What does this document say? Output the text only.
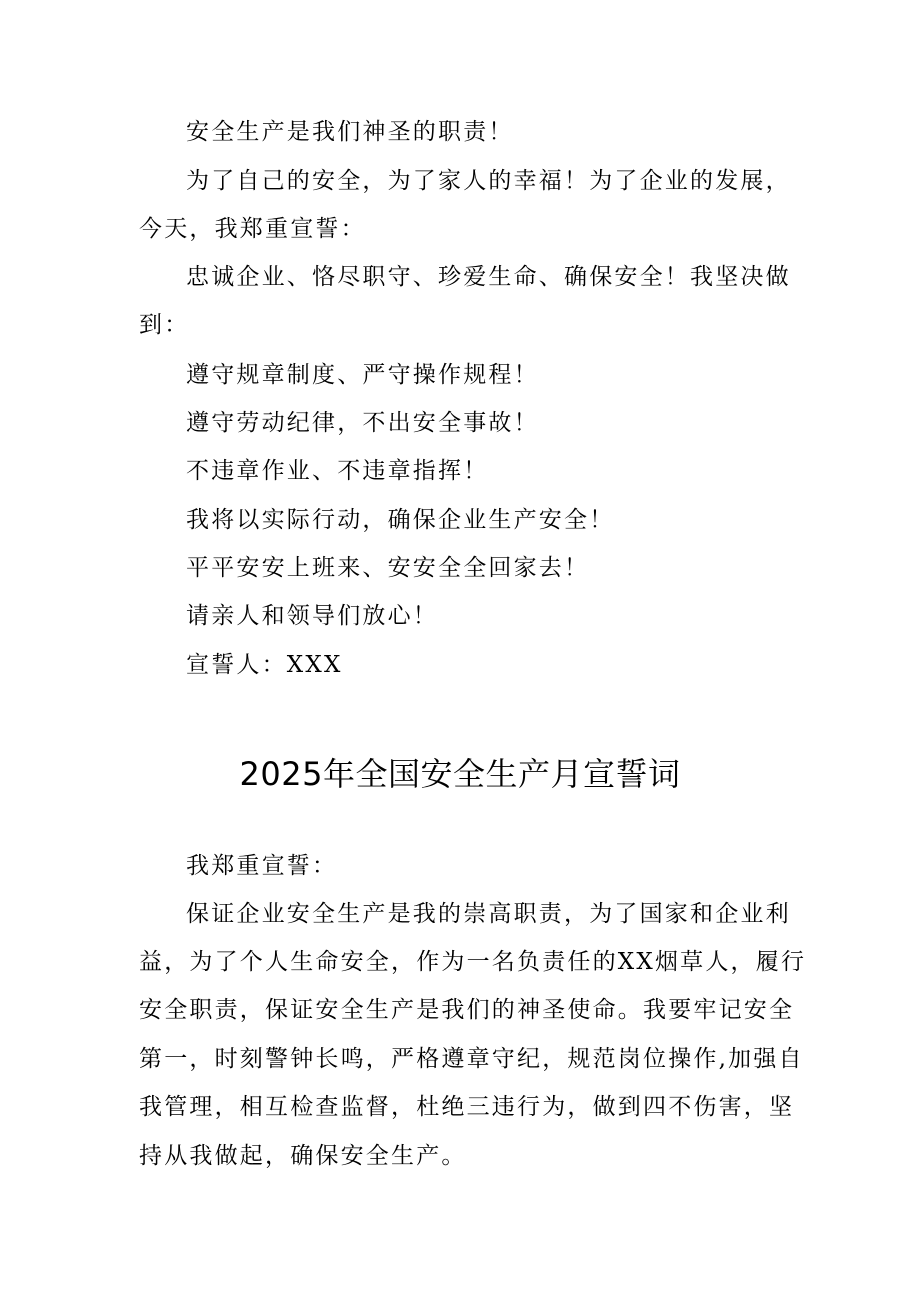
安全生产是我们神圣的职责！
为了自己的安全，为了家人的幸福！为了企业的发展，
今天，我郑重宣誓：
忠诚企业、恪尽职守、珍爱生命、确保安全！我坚决做
到：
遵守规章制度、严守操作规程！
遵守劳动纪律，不出安全事故！
不违章作业、不违章指挥！
我将以实际行动，确保企业生产安全！
平平安安上班来、安安全全回家去！
请亲人和领导们放心！
宣誓人：XXX
2025年全国安全生产月宣誓词
我郑重宣誓：
保证企业安全生产是我的崇高职责，为了国家和企业利
益，为了个人生命安全，作为一名负责任的XX烟草人，履行
安全职责，保证安全生产是我们的神圣使命。我要牢记安全
第一，时刻警钟长鸣，严格遵章守纪，规范岗位操作,加强自
我管理，相互检查监督，杜绝三违行为，做到四不伤害，坚
持从我做起，确保安全生产。
